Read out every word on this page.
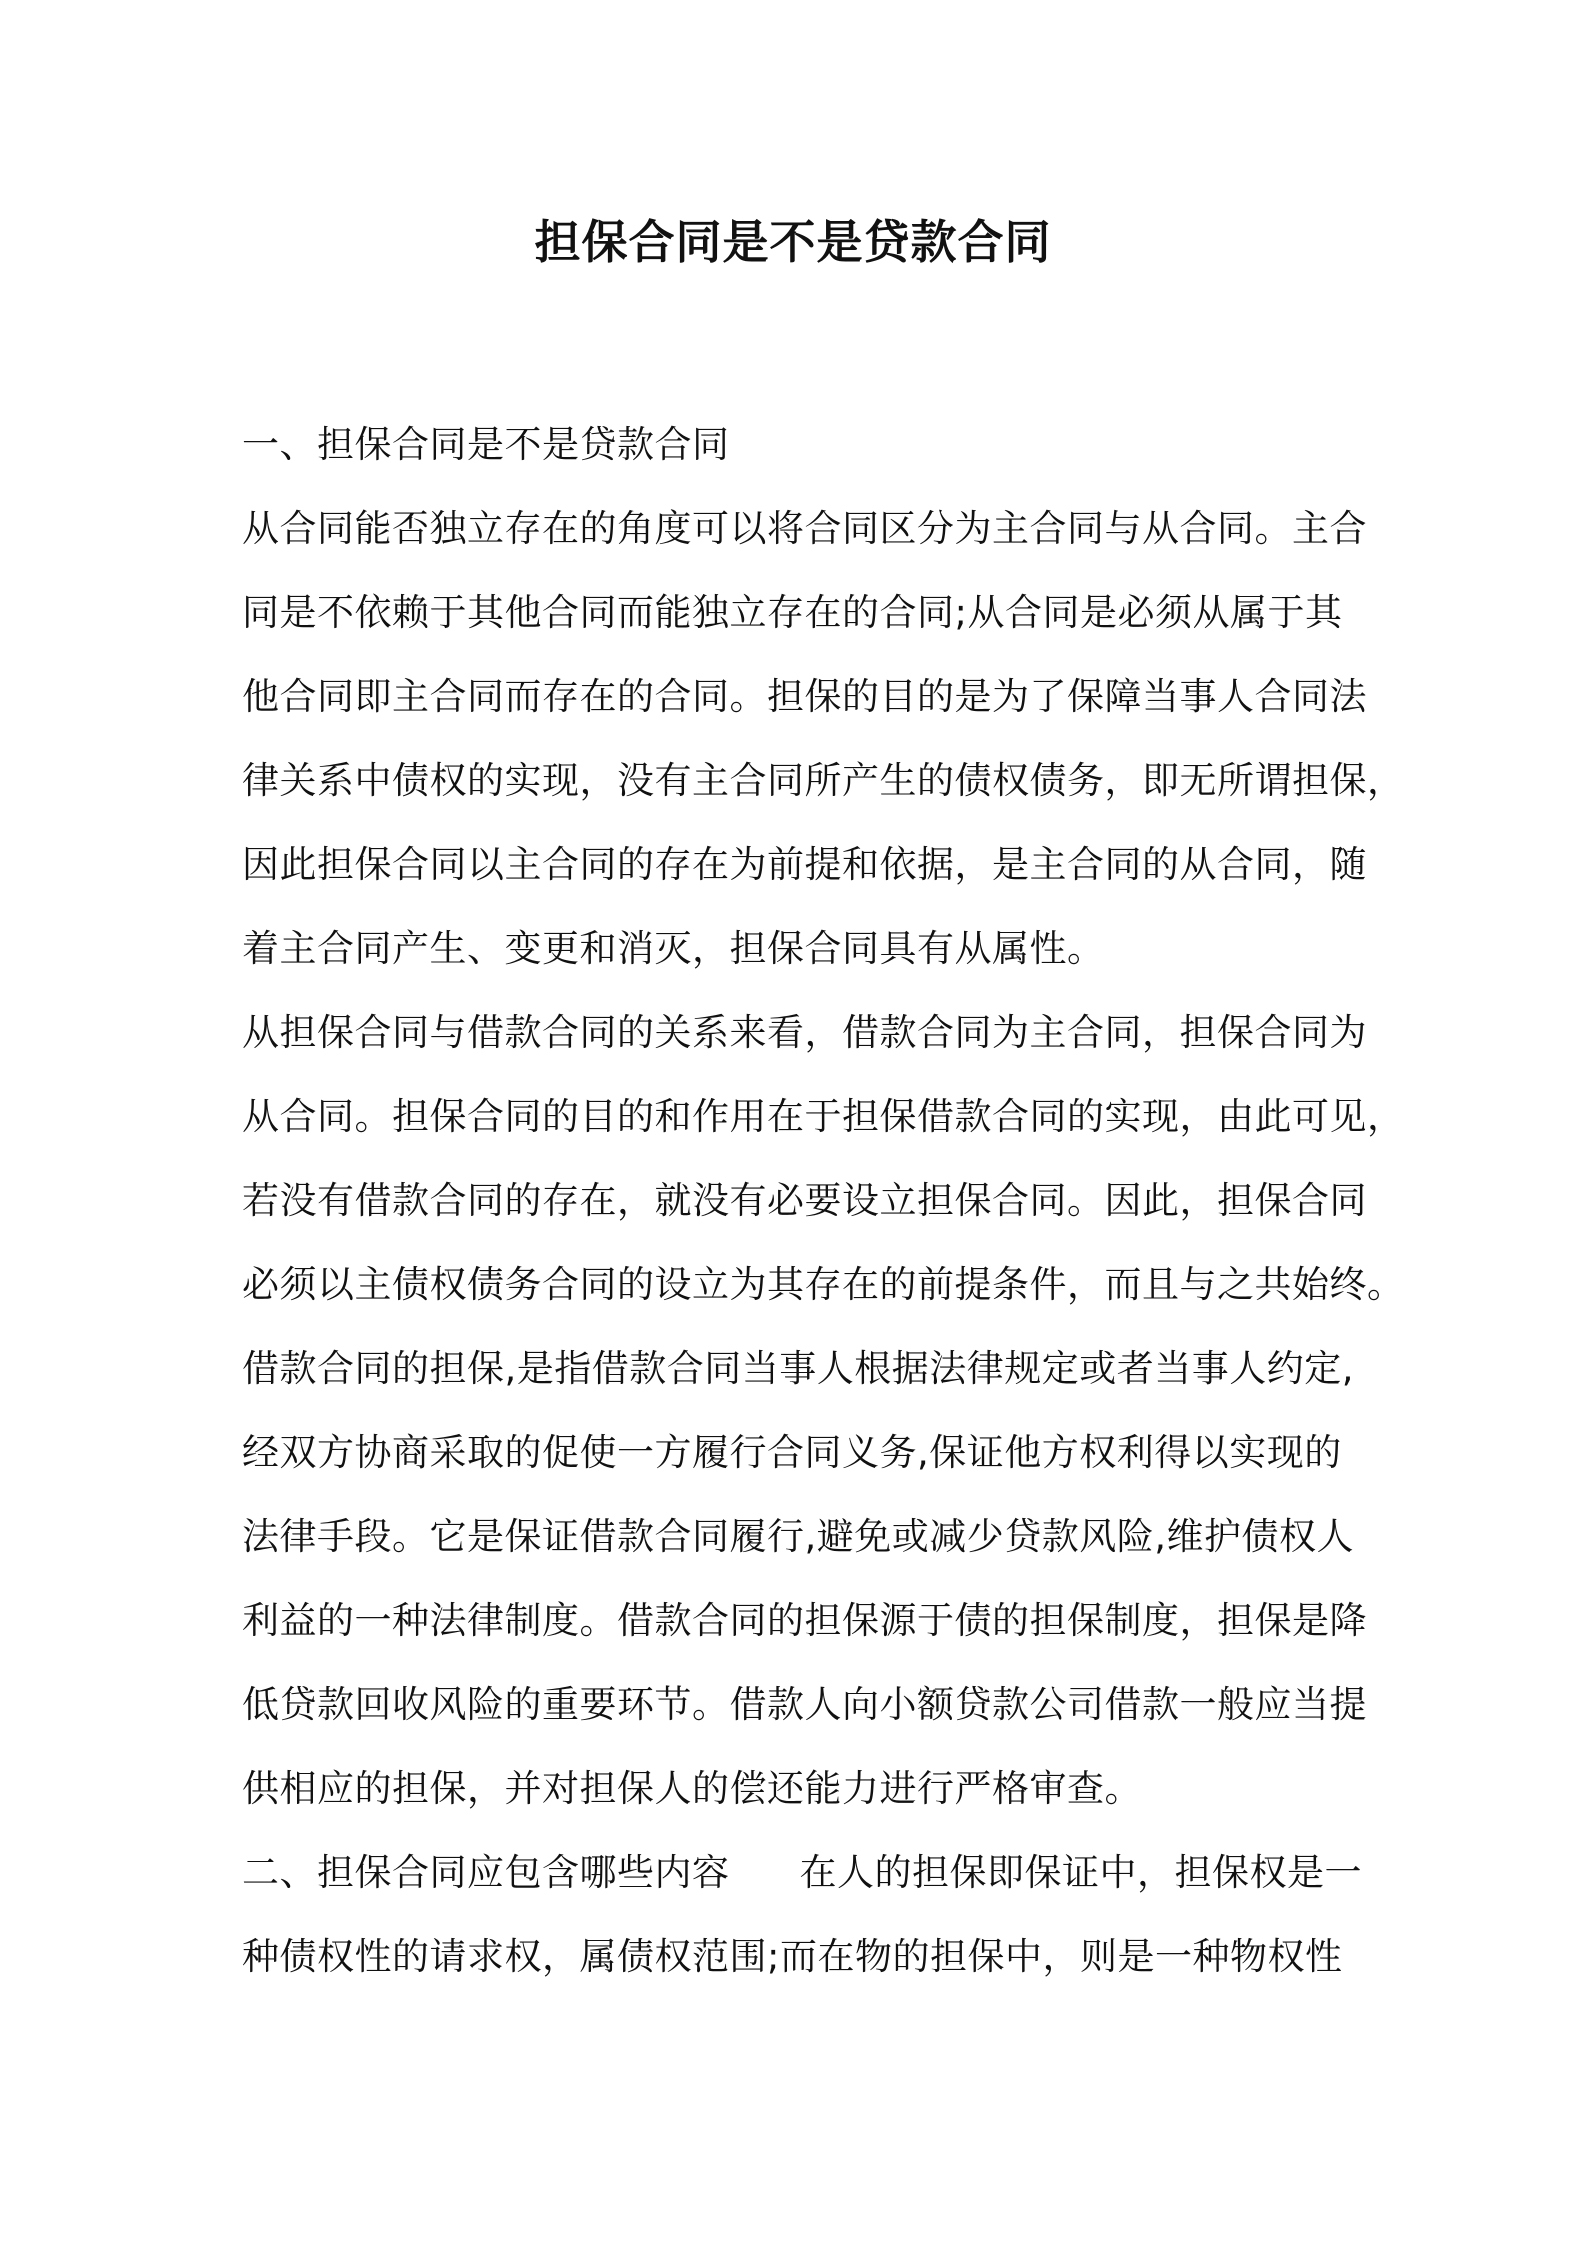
担保合同是不是贷款合同

一、担保合同是不是贷款合同

从合同能否独立存在的角度可以将合同区分为主合同与从合同。主合

同是不依赖于其他合同而能独立存在的合同;从合同是必须从属于其

他合同即主合同而存在的合同。担保的目的是为了保障当事人合同法

律关系中债权的实现，没有主合同所产生的债权债务，即无所谓担保，

因此担保合同以主合同的存在为前提和依据，是主合同的从合同，随

着主合同产生、变更和消灭，担保合同具有从属性。

从担保合同与借款合同的关系来看，借款合同为主合同，担保合同为

从合同。担保合同的目的和作用在于担保借款合同的实现，由此可见，

若没有借款合同的存在，就没有必要设立担保合同。因此，担保合同

必须以主债权债务合同的设立为其存在的前提条件，而且与之共始终。

借款合同的担保,是指借款合同当事人根据法律规定或者当事人约定,

经双方协商采取的促使一方履行合同义务,保证他方权利得以实现的

法律手段。它是保证借款合同履行,避免或减少贷款风险,维护债权人

利益的一种法律制度。借款合同的担保源于债的担保制度，担保是降

低贷款回收风险的重要环节。借款人向小额贷款公司借款一般应当提

供相应的担保，并对担保人的偿还能力进行严格审查。

二、担保合同应包含哪些内容 在人的担保即保证中，担保权是一

种债权性的请求权，属债权范围;而在物的担保中，则是一种物权性
